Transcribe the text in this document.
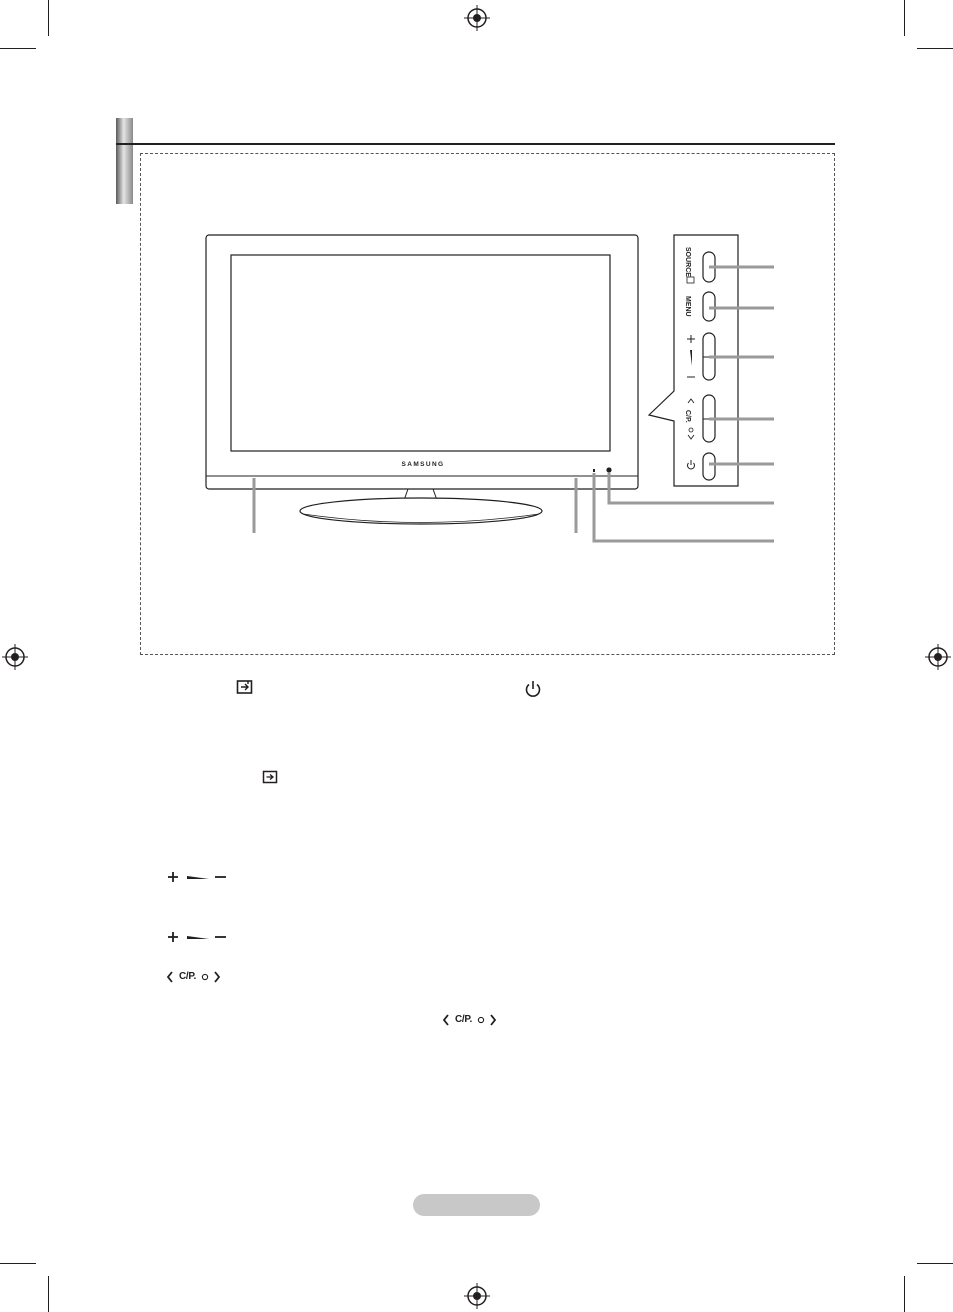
SAMSUNG
SOURCE
MENU
C/P.
C/P.
C/P.
